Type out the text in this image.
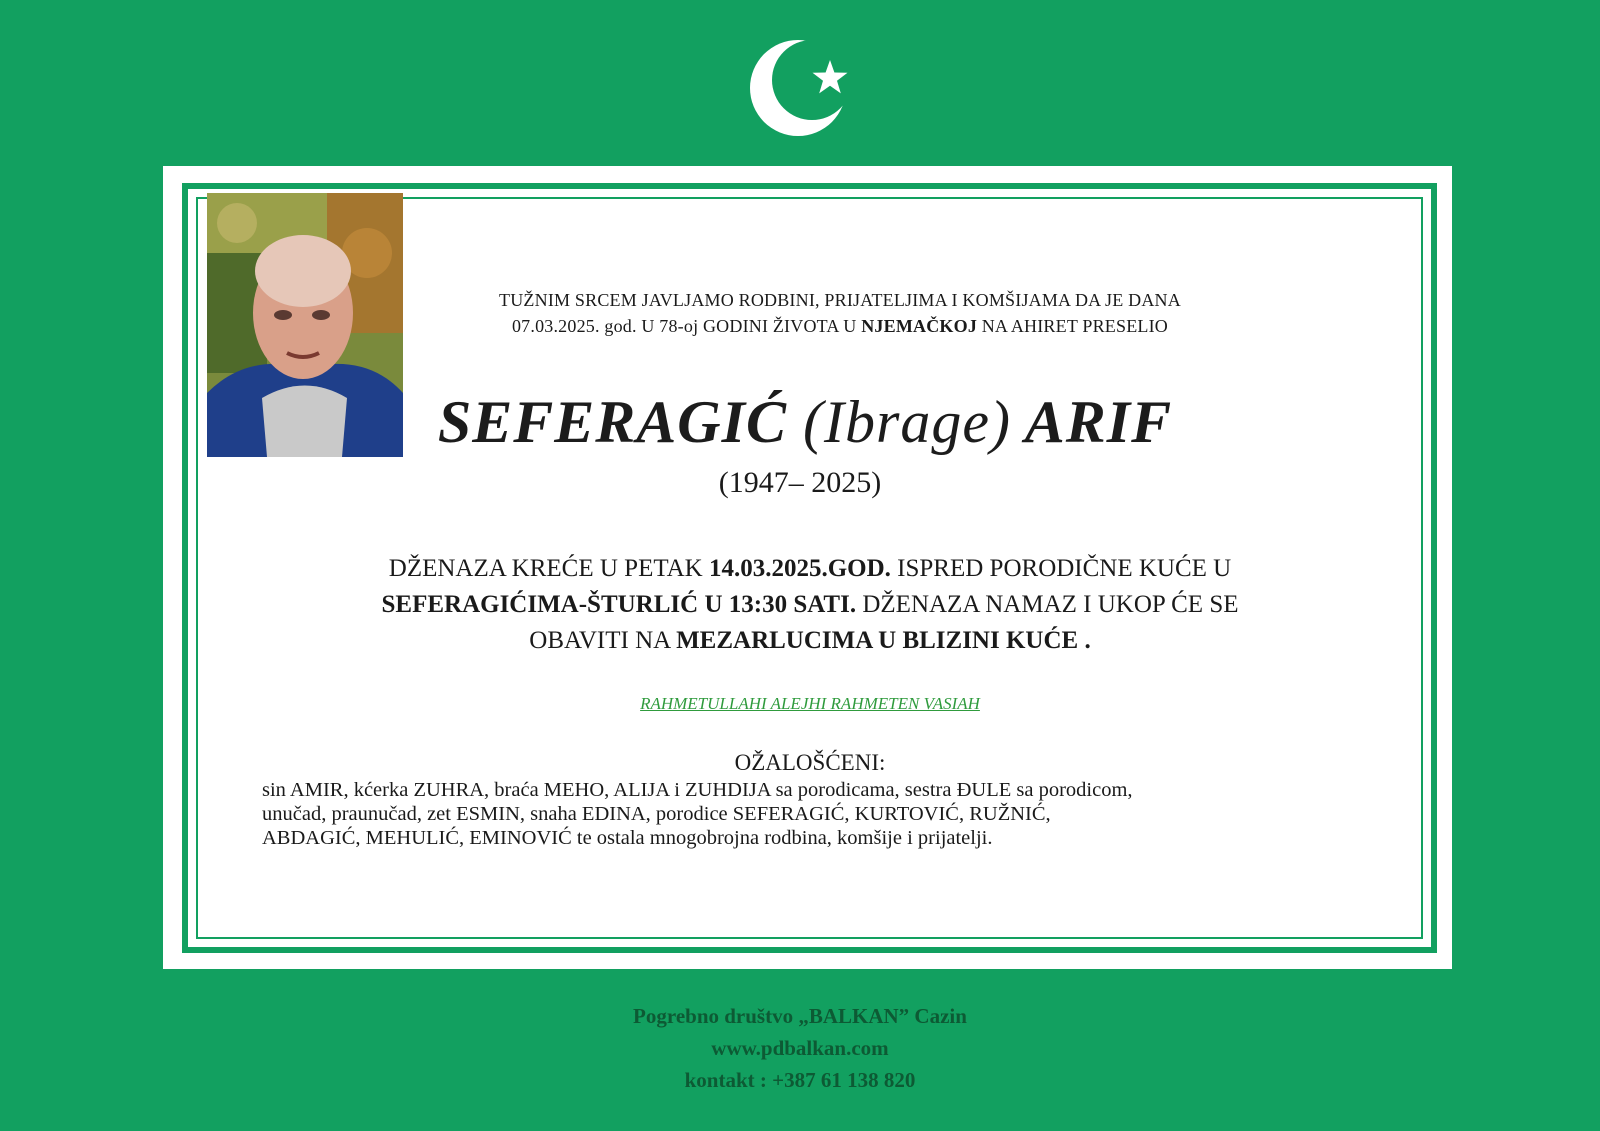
TUŽNIM SRCEM JAVLJAMO RODBINI, PRIJATELJIMA I KOMŠIJAMA DA JE DANA
07.03.2025. god. U 78-oj GODINI ŽIVOTA U NJEMAČKOJ NA AHIRET PRESELIO
SEFERAGIĆ (Ibrage) ARIF
(1947– 2025)
DŽENAZA KREĆE U PETAK 14.03.2025.GOD. ISPRED PORODIČNE KUĆE U
SEFERAGIĆIMA-ŠTURLIĆ U 13:30 SATI. DŽENAZA NAMAZ I UKOP ĆE SE
OBAVITI NA MEZARLUCIMA U BLIZINI KUĆE .
RAHMETULLAHI ALEJHI RAHMETEN VASIAH
OŽALOŠĆENI:
sin AMIR, kćerka ZUHRA, braća MEHO, ALIJA i ZUHDIJA sa porodicama, sestra ĐULE sa porodicom,
unučad, praunučad, zet ESMIN, snaha EDINA, porodice SEFERAGIĆ, KURTOVIĆ, RUŽNIĆ,
ABDAGIĆ, MEHULIĆ, EMINOVIĆ te ostala mnogobrojna rodbina, komšije i prijatelji.
Pogrebno društvo „BALKAN” Cazin
www.pdbalkan.com
kontakt : +387 61 138 820
